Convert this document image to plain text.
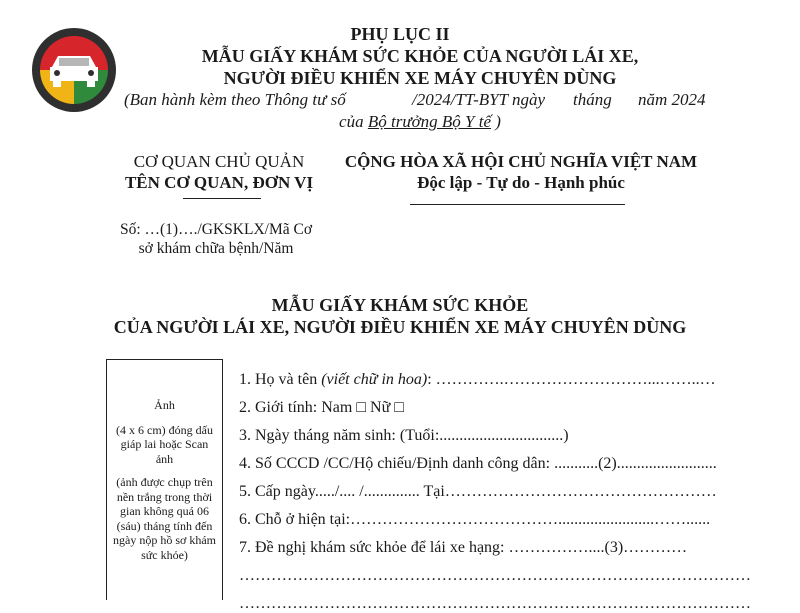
PHỤ LỤC II
MẪU GIẤY KHÁM SỨC KHỎE CỦA NGƯỜI LÁI XE,
NGƯỜI ĐIỀU KHIỂN XE MÁY CHUYÊN DÙNG
(Ban hành kèm theo Thông tư số	/2024/TT-BYT ngày tháng năm 2024
của Bộ trưởng Bộ Y tế )
CƠ QUAN CHỦ QUẢN
TÊN CƠ QUAN, ĐƠN VỊ
Số: …(1)…./GKSKLX/Mã Cơ
sở khám chữa bệnh/Năm
CỘNG HÒA XÃ HỘI CHỦ NGHĨA VIỆT NAM
Độc lập - Tự do - Hạnh phúc
MẪU GIẤY KHÁM SỨC KHỎE
CỦA NGƯỜI LÁI XE, NGƯỜI ĐIỀU KHIỂN XE MÁY CHUYÊN DÙNG
Ảnh
(4 x 6 cm) đóng dấu giáp lai hoặc Scan ảnh
(ảnh được chụp trên nền trắng trong thời gian không quá 06 (sáu) tháng tính đến ngày nộp hồ sơ khám sức khỏe)
1. Họ và tên (viết chữ in hoa): ………….………………………...……..…
2. Giới tính: Nam □ Nữ □
3. Ngày tháng năm sinh: (Tuổi:...............................)
4. Số CCCD /CC/Hộ chiếu/Định danh công dân: ...........(2).........................
5. Cấp ngày...../.... /.............. Tại……………………………………………
6. Chỗ ở hiện tại:…………………………………........................……......
7. Đề nghị khám sức khỏe để lái xe hạng: ……………....(3)…………
……………………………………………………………………………………
……………………………………………………………………………………
